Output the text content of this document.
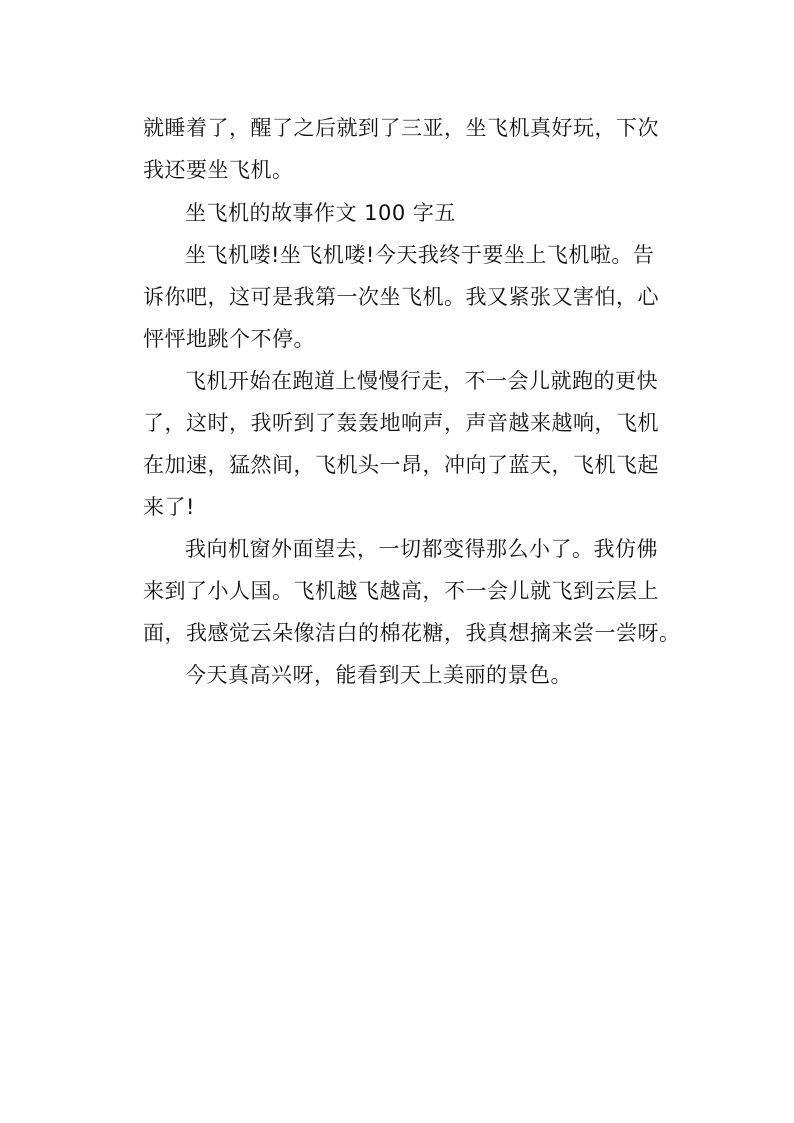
就睡着了，醒了之后就到了三亚，坐飞机真好玩，下次
我还要坐飞机。
坐飞机的故事作文 100 字五
坐飞机喽!坐飞机喽!今天我终于要坐上飞机啦。告
诉你吧，这可是我第一次坐飞机。我又紧张又害怕，心
怦怦地跳个不停。
飞机开始在跑道上慢慢行走，不一会儿就跑的更快
了，这时，我听到了轰轰地响声，声音越来越响，飞机
在加速，猛然间，飞机头一昂，冲向了蓝天，飞机飞起
来了!
我向机窗外面望去，一切都变得那么小了。我仿佛
来到了小人国。飞机越飞越高，不一会儿就飞到云层上
面，我感觉云朵像洁白的棉花糖，我真想摘来尝一尝呀。
今天真高兴呀，能看到天上美丽的景色。
